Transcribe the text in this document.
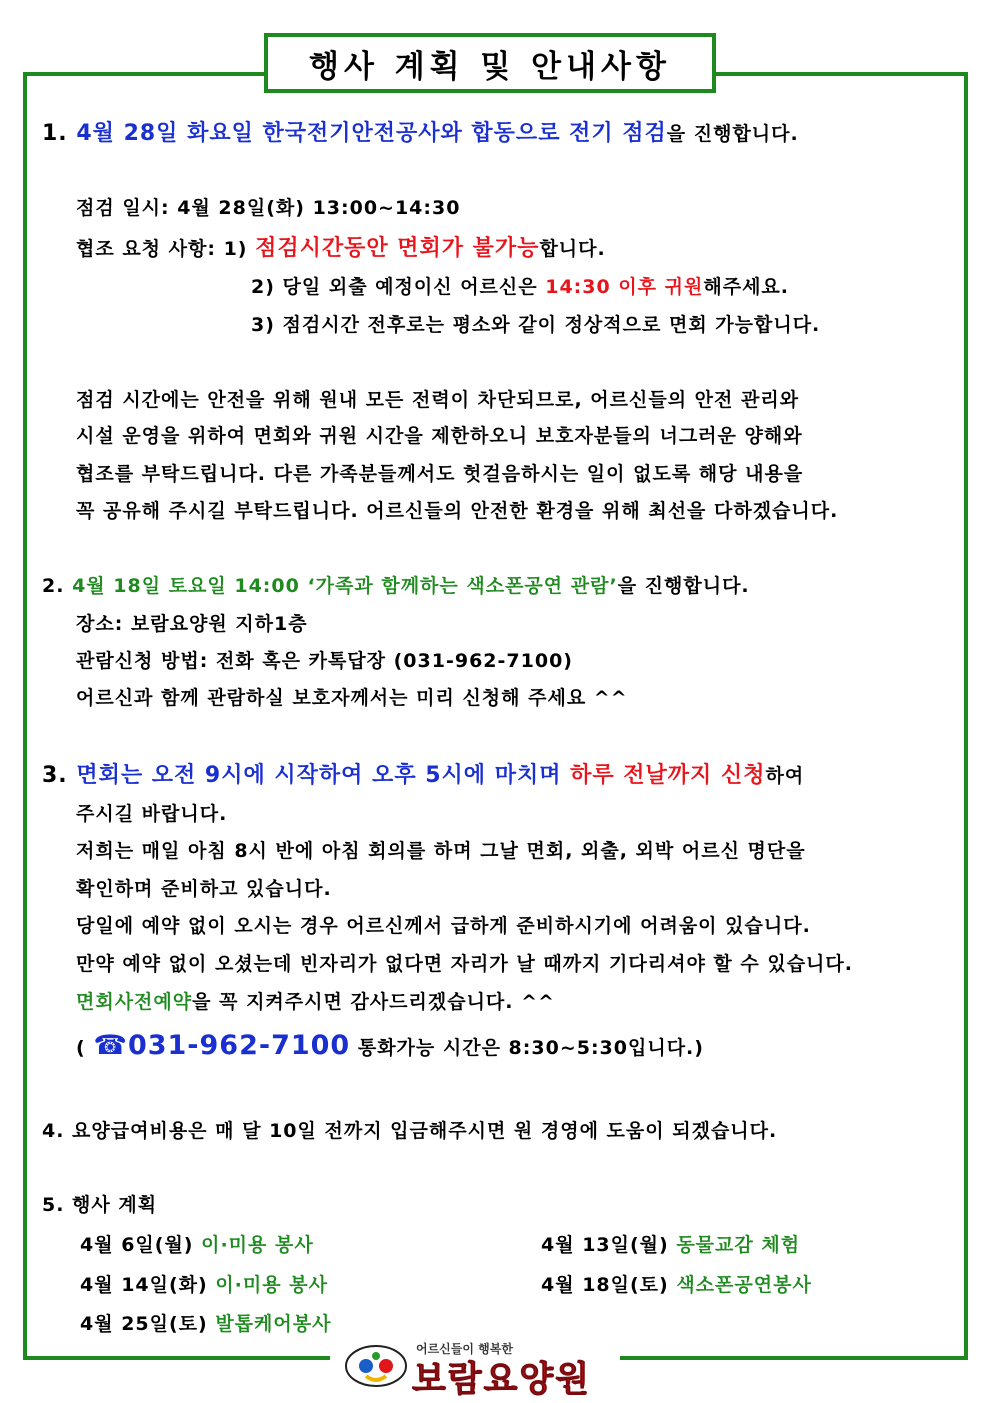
행사 계획 및 안내사항
1. 4월 28일 화요일 한국전기안전공사와 합동으로 전기 점검을 진행합니다.
점검 일시: 4월 28일(화) 13:00~14:30
협조 요청 사항: 1) 점검시간동안 면회가 불가능합니다.
2) 당일 외출 예정이신 어르신은 14:30 이후 귀원해주세요.
3) 점검시간 전후로는 평소와 같이 정상적으로 면회 가능합니다.
점검 시간에는 안전을 위해 원내 모든 전력이 차단되므로, 어르신들의 안전 관리와
시설 운영을 위하여 면회와 귀원 시간을 제한하오니 보호자분들의 너그러운 양해와
협조를 부탁드립니다. 다른 가족분들께서도 헛걸음하시는 일이 없도록 해당 내용을
꼭 공유해 주시길 부탁드립니다. 어르신들의 안전한 환경을 위해 최선을 다하겠습니다.
2. 4월 18일 토요일 14:00 ‘가족과 함께하는 색소폰공연 관람’을 진행합니다.
장소: 보람요양원 지하1층
관람신청 방법: 전화 혹은 카톡답장 (031-962-7100)
어르신과 함께 관람하실 보호자께서는 미리 신청해 주세요 ^^
3. 면회는 오전 9시에 시작하여 오후 5시에 마치며 하루 전날까지 신청하여
주시길 바랍니다.
저희는 매일 아침 8시 반에 아침 회의를 하며 그날 면회, 외출, 외박 어르신 명단을
확인하며 준비하고 있습니다.
당일에 예약 없이 오시는 경우 어르신께서 급하게 준비하시기에 어려움이 있습니다.
만약 예약 없이 오셨는데 빈자리가 없다면 자리가 날 때까지 기다리셔야 할 수 있습니다.
면회사전예약을 꼭 지켜주시면 감사드리겠습니다. ^^
( ☎031-962-7100 통화가능 시간은 8:30~5:30입니다.)
4. 요양급여비용은 매 달 10일 전까지 입금해주시면 원 경영에 도움이 되겠습니다.
5. 행사 계획
4월 6일(월) 이·미용 봉사	4월 13일(월) 동물교감 체험
4월 14일(화) 이·미용 봉사	4월 18일(토) 색소폰공연봉사
4월 25일(토) 발톱케어봉사
어르신들이 행복한
보람요양원
